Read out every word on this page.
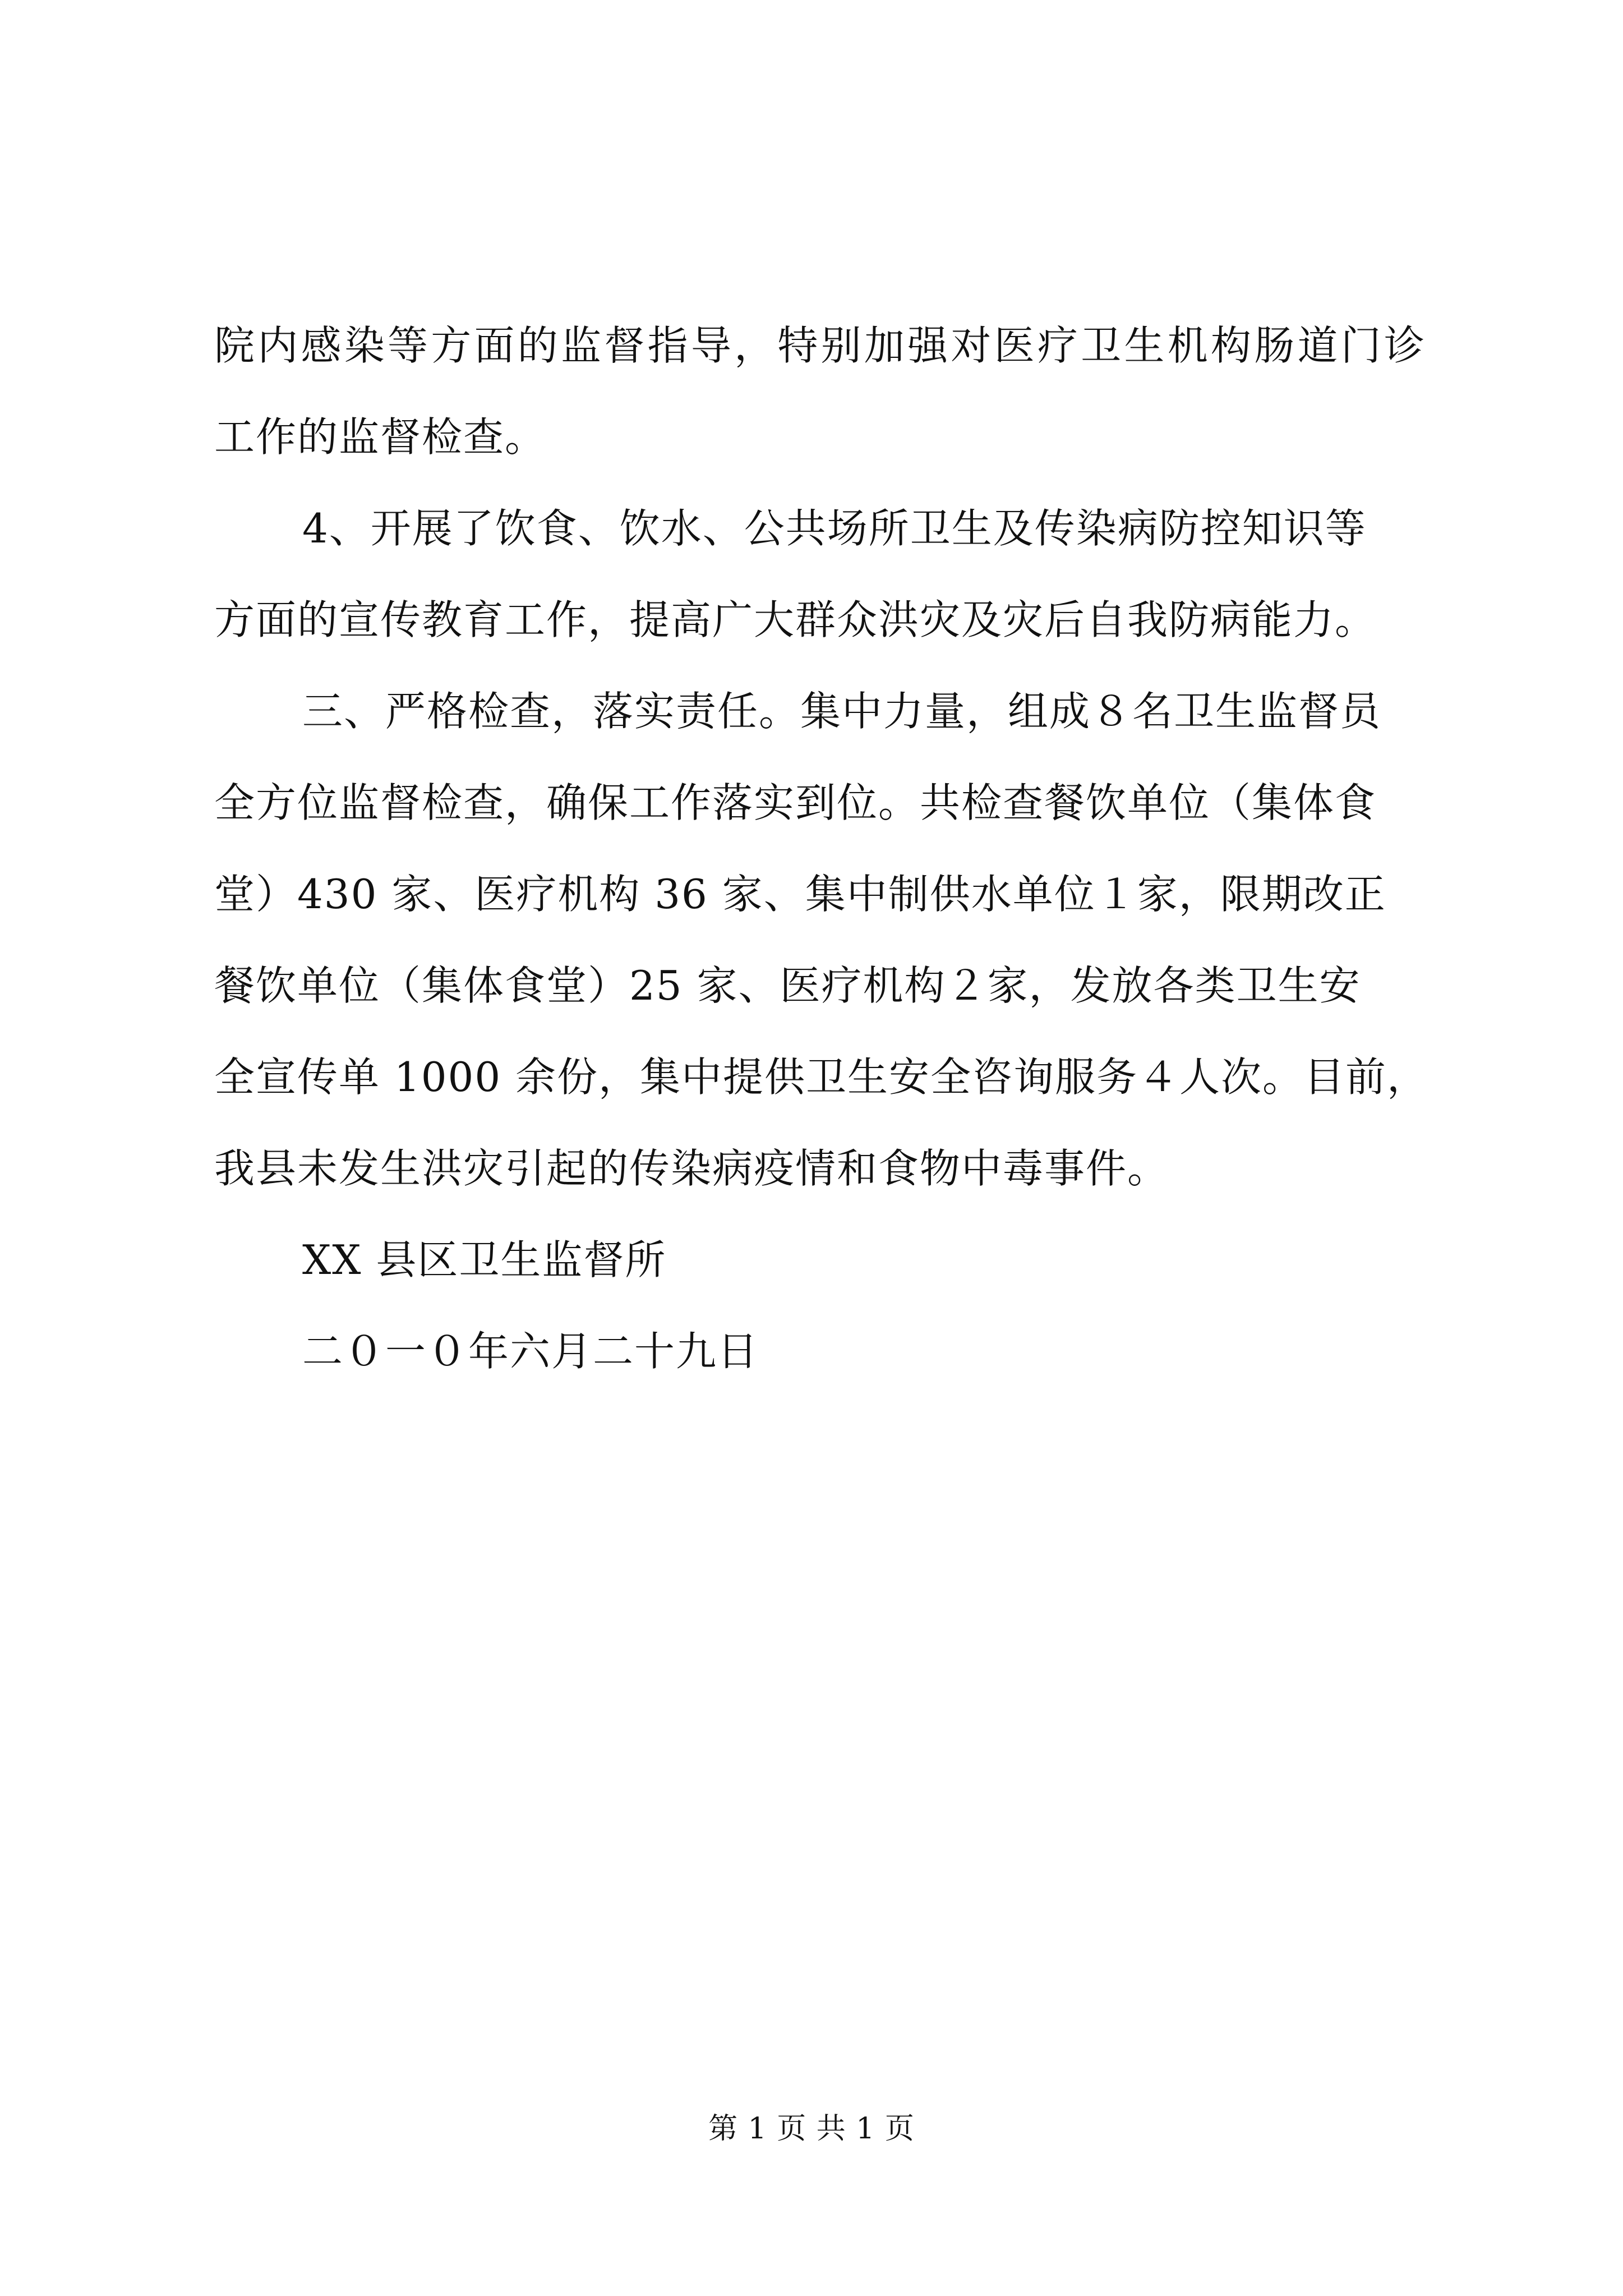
院内感染等方面的监督指导，特别加强对医疗卫生机构肠道门诊
工作的监督检查。
4、开展了饮食、饮水、公共场所卫生及传染病防控知识等
方面的宣传教育工作，提高广大群众洪灾及灾后自我防病能力。
三、严格检查，落实责任。集中力量，组成８名卫生监督员
全方位监督检查，确保工作落实到位。共检查餐饮单位（集体食
堂）430 家、医疗机构 36 家、集中制供水单位１家，限期改正
餐饮单位（集体食堂）25 家、医疗机构２家，发放各类卫生安
全宣传单 1000 余份，集中提供卫生安全咨询服务４人次。目前，
我县未发生洪灾引起的传染病疫情和食物中毒事件。
XX 县区卫生监督所
二０一０年六月二十九日
第 1 页 共 1 页
